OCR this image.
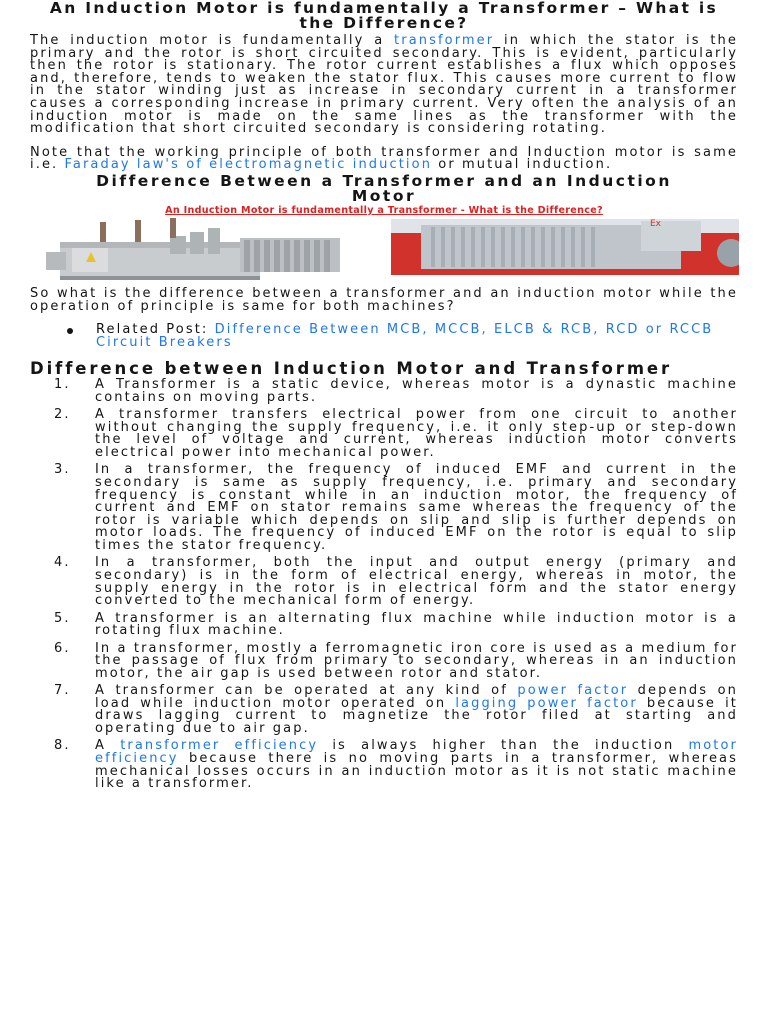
An Induction Motor is fundamentally a Transformer – What is the Difference?

The induction motor is fundamentally a transformer in which the stator is the primary and the rotor is short circuited secondary. This is evident, particularly then the rotor is stationary. The rotor current establishes a flux which opposes and, therefore, tends to weaken the stator flux. This causes more current to flow in the stator winding just as increase in secondary current in a transformer causes a corresponding increase in primary current. Very often the analysis of an induction motor is made on the same lines as the transformer with the modification that short circuited secondary is considering rotating.

Note that the working principle of both transformer and Induction motor is same i.e. Faraday law's of electromagnetic induction or mutual induction.

Difference Between a Transformer and an Induction Motor
An Induction Motor is fundamentally a Transformer - What is the Difference?
Ex

So what is the difference between a transformer and an induction motor while the operation of principle is same for both machines?

Related Post: Difference Between MCB, MCCB, ELCB & RCB, RCD or RCCB Circuit Breakers
Difference between Induction Motor and Transformer
1. A Transformer is a static device, whereas motor is a dynastic machine contains on moving parts.
2. A transformer transfers electrical power from one circuit to another without changing the supply frequency, i.e. it only step-up or step-down the level of voltage and current, whereas induction motor converts electrical power into mechanical power.
3. In a transformer, the frequency of induced EMF and current in the secondary is same as supply frequency, i.e. primary and secondary frequency is constant while in an induction motor, the frequency of current and EMF on stator remains same whereas the frequency of the rotor is variable which depends on slip and slip is further depends on motor loads. The frequency of induced EMF on the rotor is equal to slip times the stator frequency.
4. In a transformer, both the input and output energy (primary and secondary) is in the form of electrical energy, whereas in motor, the supply energy in the rotor is in electrical form and the stator energy converted to the mechanical form of energy.
5. A transformer is an alternating flux machine while induction motor is a rotating flux machine.
6. In a transformer, mostly a ferromagnetic iron core is used as a medium for the passage of flux from primary to secondary, whereas in an induction motor, the air gap is used between rotor and stator.
7. A transformer can be operated at any kind of power factor depends on load while induction motor operated on lagging power factor because it draws lagging current to magnetize the rotor filed at starting and operating due to air gap.
8. A transformer efficiency is always higher than the induction motor efficiency because there is no moving parts in a transformer, whereas mechanical losses occurs in an induction motor as it is not static machine like a transformer.
